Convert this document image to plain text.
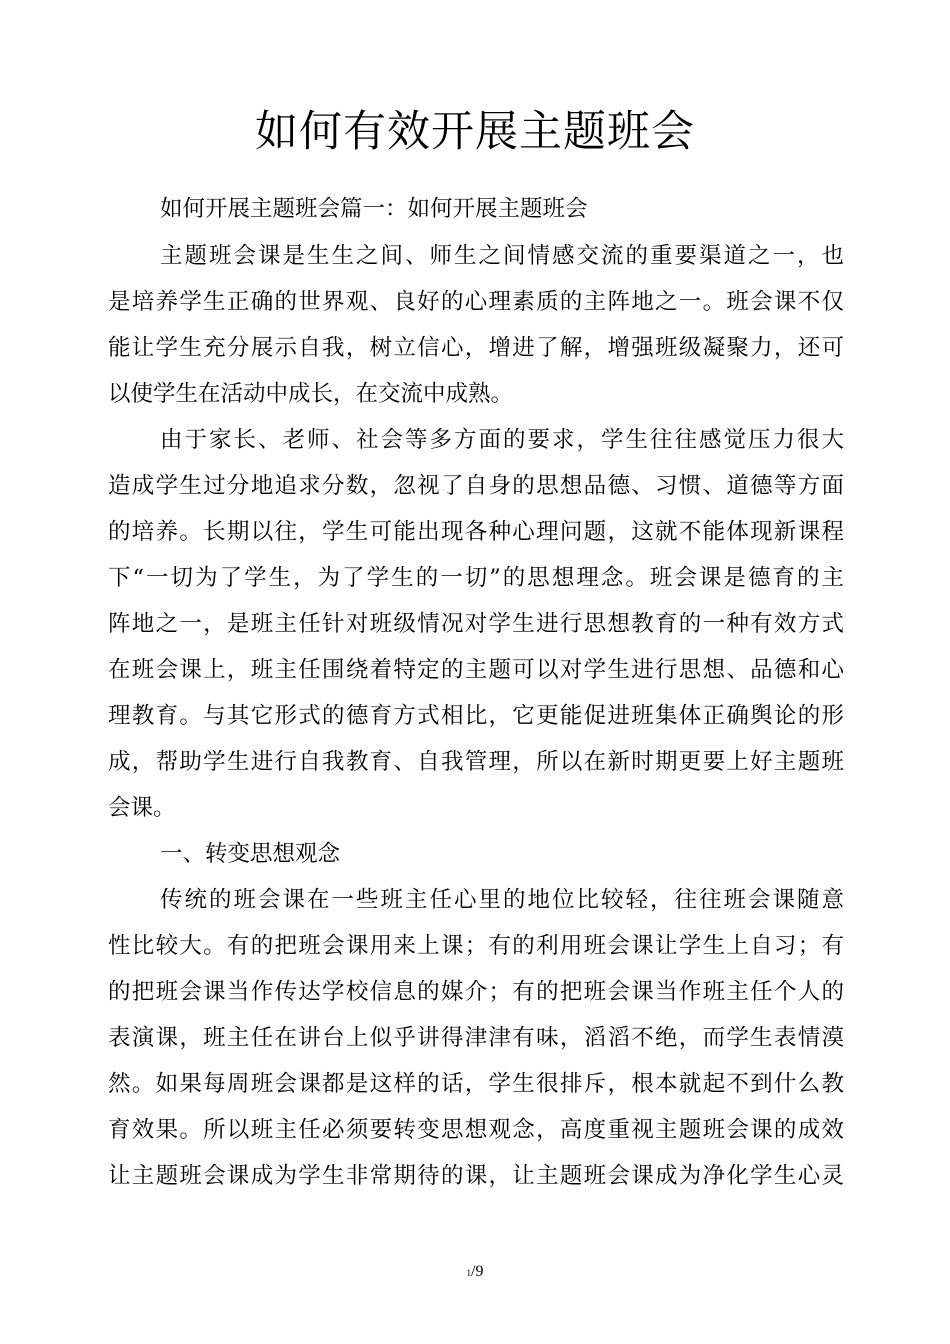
如何有效开展主题班会
如何开展主题班会篇一：如何开展主题班会
主题班会课是生生之间、师生之间情感交流的重要渠道之一，也
是培养学生正确的世界观、良好的心理素质的主阵地之一。班会课不仅
能让学生充分展示自我，树立信心，增进了解，增强班级凝聚力，还可
以使学生在活动中成长，在交流中成熟。
由于家长、老师、社会等多方面的要求，学生往往感觉压力很大
造成学生过分地追求分数，忽视了自身的思想品德、习惯、道德等方面
的培养。长期以往，学生可能出现各种心理问题，这就不能体现新课程
下“一切为了学生，为了学生的一切”的思想理念。班会课是德育的主
阵地之一，是班主任针对班级情况对学生进行思想教育的一种有效方式
在班会课上，班主任围绕着特定的主题可以对学生进行思想、品德和心
理教育。与其它形式的德育方式相比，它更能促进班集体正确舆论的形
成，帮助学生进行自我教育、自我管理，所以在新时期更要上好主题班
会课。
一、转变思想观念
传统的班会课在一些班主任心里的地位比较轻，往往班会课随意
性比较大。有的把班会课用来上课；有的利用班会课让学生上自习；有
的把班会课当作传达学校信息的媒介；有的把班会课当作班主任个人的
表演课，班主任在讲台上似乎讲得津津有味，滔滔不绝，而学生表情漠
然。如果每周班会课都是这样的话，学生很排斥，根本就起不到什么教
育效果。所以班主任必须要转变思想观念，高度重视主题班会课的成效
让主题班会课成为学生非常期待的课，让主题班会课成为净化学生心灵
1/9
